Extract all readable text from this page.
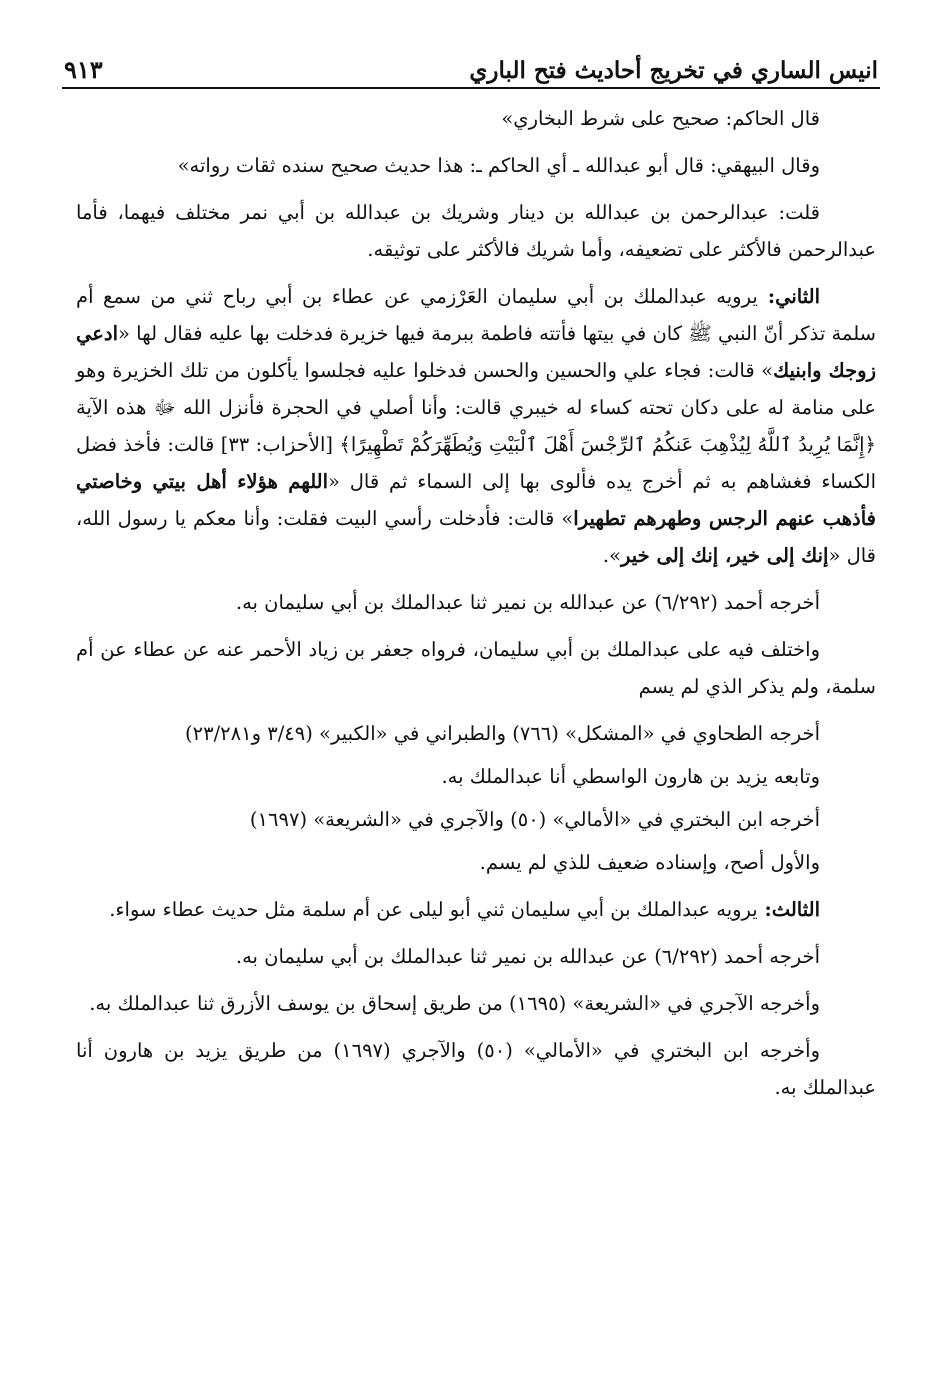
انيس الساري في تخريج أحاديث فتح الباري
٩١٣

قال الحاكم: صحيح على شرط البخاري»

وقال البيهقي: قال أبو عبدالله ـ أي الحاكم ـ: هذا حديث صحيح سنده ثقات رواته»

قلت: عبدالرحمن بن عبدالله بن دينار وشريك بن عبدالله بن أبي نمر مختلف فيهما، فأما عبدالرحمن فالأكثر على تضعيفه، وأما شريك فالأكثر على توثيقه.

الثاني: يرويه عبدالملك بن أبي سليمان العَرْزمي عن عطاء بن أبي رباح ثني من سمع أم سلمة تذكر أنّ النبي ﷺ كان في بيتها فأتته فاطمة ببرمة فيها خزيرة فدخلت بها عليه فقال لها «ادعي زوجك وابنيك» قالت: فجاء علي والحسين والحسن فدخلوا عليه فجلسوا يأكلون من تلك الخزيرة وهو على منامة له على دكان تحته كساء له خيبري قالت: وأنا أصلي في الحجرة فأنزل الله ﷻ هذه الآية ﴿إِنَّمَا يُرِيدُ ٱللَّهُ لِيُذْهِبَ عَنكُمُ ٱلرِّجْسَ أَهْلَ ٱلْبَيْتِ وَيُطَهِّرَكُمْ تَطْهِيرًا﴾ [الأحزاب: ٣٣] قالت: فأخذ فضل الكساء فغشاهم به ثم أخرج يده فألوى بها إلى السماء ثم قال «اللهم هؤلاء أهل بيتي وخاصتي فأذهب عنهم الرجس وطهرهم تطهيرا» قالت: فأدخلت رأسي البيت فقلت: وأنا معكم يا رسول الله، قال «إنك إلى خير، إنك إلى خير».

أخرجه أحمد (٦/٢٩٢) عن عبدالله بن نمير ثنا عبدالملك بن أبي سليمان به.

واختلف فيه على عبدالملك بن أبي سليمان، فرواه جعفر بن زياد الأحمر عنه عن عطاء عن أم سلمة، ولم يذكر الذي لم يسم

أخرجه الطحاوي في «المشكل» (٧٦٦) والطبراني في «الكبير» (٣/٤٩ و٢٣/٢٨١)

وتابعه يزيد بن هارون الواسطي أنا عبدالملك به.

أخرجه ابن البختري في «الأمالي» (٥٠) والآجري في «الشريعة» (١٦٩٧)

والأول أصح، وإسناده ضعيف للذي لم يسم.

الثالث: يرويه عبدالملك بن أبي سليمان ثني أبو ليلى عن أم سلمة مثل حديث عطاء سواء.

أخرجه أحمد (٦/٢٩٢) عن عبدالله بن نمير ثنا عبدالملك بن أبي سليمان به.

وأخرجه الآجري في «الشريعة» (١٦٩٥) من طريق إسحاق بن يوسف الأزرق ثنا عبدالملك به.

وأخرجه ابن البختري في «الأمالي» (٥٠) والآجري (١٦٩٧) من طريق يزيد بن هارون أنا عبدالملك به.
